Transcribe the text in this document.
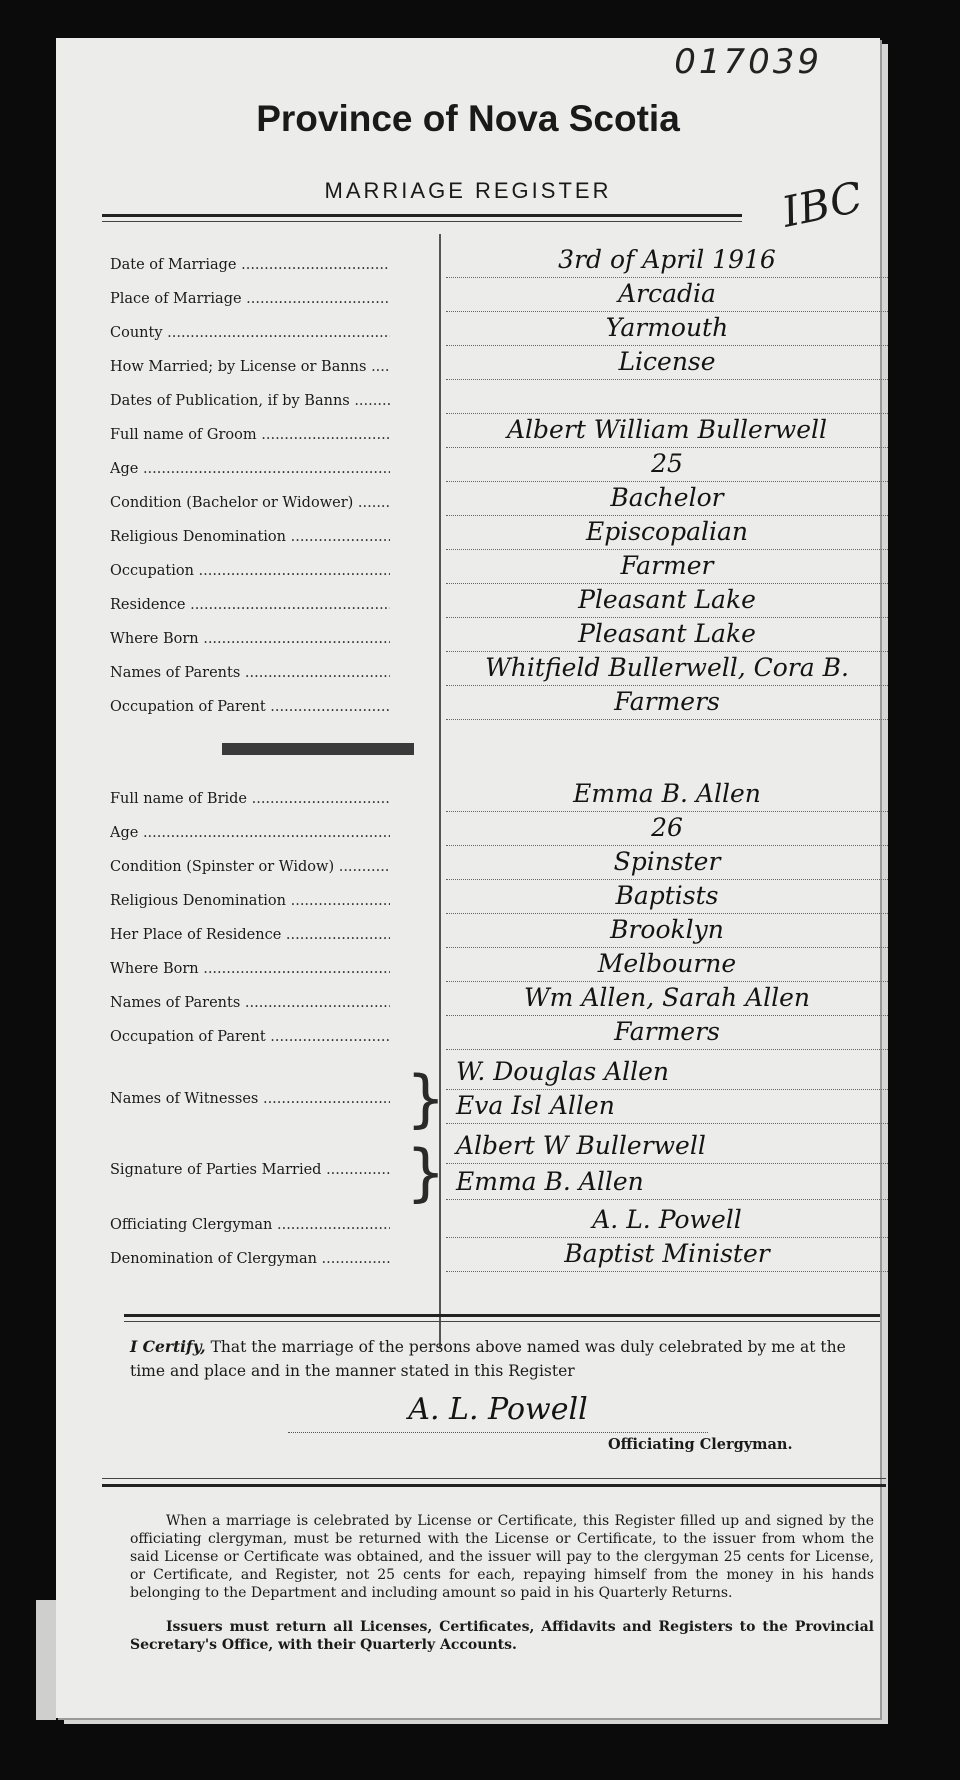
017039
Province of Nova Scotia
MARRIAGE REGISTER	IBC
Date of Marriage .....	3rd of April 1916
Place of Marriage .....	Arcadia
County .....	Yarmouth
How Married; by License or Banns .....	License
Dates of Publication, if by Banns .....
Full name of Groom .....	Albert William Bullerwell
Age .....	25
Condition (Bachelor or Widower) .....	Bachelor
Religious Denomination .....	Episcopalian
Occupation .....	Farmer
Residence .....	Pleasant Lake
Where Born .....	Pleasant Lake
Names of Parents .....	Whitfield Bullerwell, Cora B.
Occupation of Parent .....	Farmers
Full name of Bride .....	Emma B. Allen
Age .....	26
Condition (Spinster or Widow) .....	Spinster
Religious Denomination .....	Baptists
Her Place of Residence .....	Brooklyn
Where Born .....	Melbourne
Names of Parents .....	Wm Allen, Sarah Allen
Occupation of Parent .....	Farmers
W. Douglas Allen
Names of Witnesses .....	Eva Isl Allen
}
Albert W Bullerwell
Signature of Parties Married .....	Emma B. Allen
}
Officiating Clergyman .....	A. L. Powell
Denomination of Clergyman .....	Baptist Minister
I Certify, That the marriage of the persons above named was duly celebrated by me at the time and place and in the manner stated in this Register
A. L. Powell
Officiating Clergyman.
When a marriage is celebrated by License or Certificate, this Register filled up and signed by the officiating clergyman, must be returned with the License or Certificate, to the issuer from whom the said License or Certificate was obtained, and the issuer will pay to the clergyman 25 cents for License, or Certificate, and Register, not 25 cents for each, repaying himself from the money in his hands belonging to the Department and including amount so paid in his Quarterly Returns.
Issuers must return all Licenses, Certificates, Affidavits and Registers to the Provincial Secretary's Office, with their Quarterly Accounts.
